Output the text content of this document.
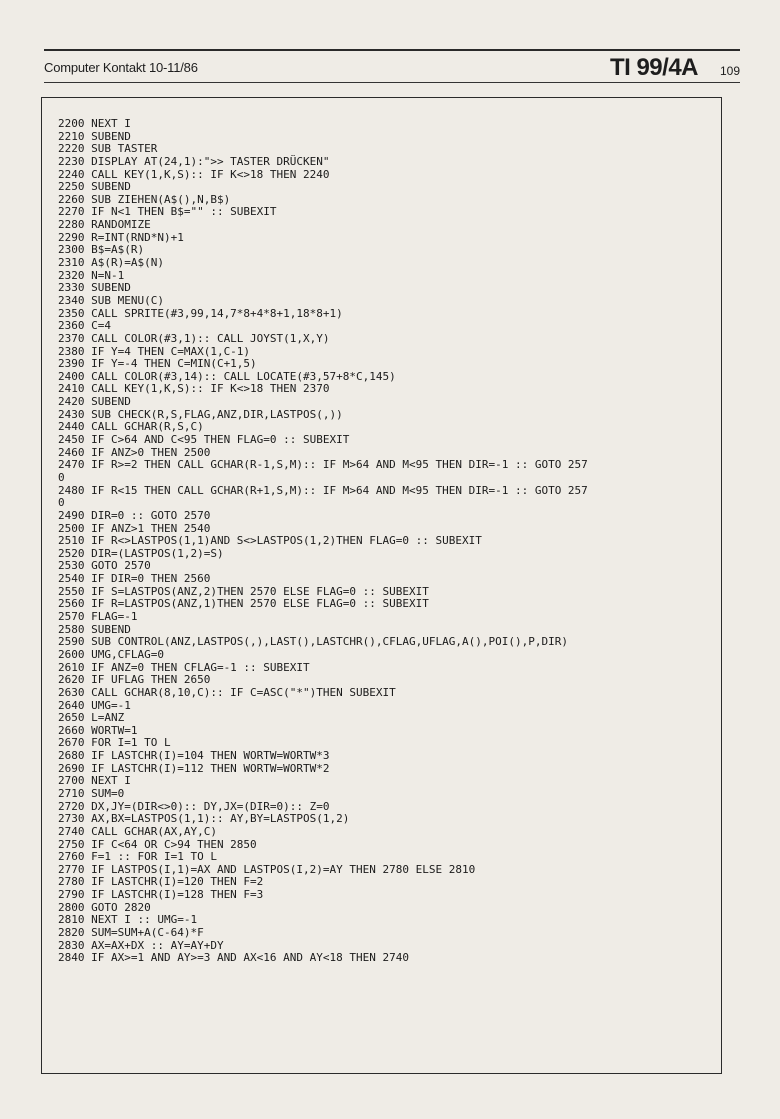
Computer Kontakt 10-11/86	TI 99/4A 109
2200 NEXT I
2210 SUBEND
2220 SUB TASTER
2230 DISPLAY AT(24,1):">> TASTER DRÜCKEN"
2240 CALL KEY(1,K,S):: IF K<>18 THEN 2240
2250 SUBEND
2260 SUB ZIEHEN(A$(),N,B$)
2270 IF N<1 THEN B$="" :: SUBEXIT
2280 RANDOMIZE
2290 R=INT(RND*N)+1
2300 B$=A$(R)
2310 A$(R)=A$(N)
2320 N=N-1
2330 SUBEND
2340 SUB MENU(C)
2350 CALL SPRITE(#3,99,14,7*8+4*8+1,18*8+1)
2360 C=4
2370 CALL COLOR(#3,1):: CALL JOYST(1,X,Y)
2380 IF Y=4 THEN C=MAX(1,C-1)
2390 IF Y=-4 THEN C=MIN(C+1,5)
2400 CALL COLOR(#3,14):: CALL LOCATE(#3,57+8*C,145)
2410 CALL KEY(1,K,S):: IF K<>18 THEN 2370
2420 SUBEND
2430 SUB CHECK(R,S,FLAG,ANZ,DIR,LASTPOS(,))
2440 CALL GCHAR(R,S,C)
2450 IF C>64 AND C<95 THEN FLAG=0 :: SUBEXIT
2460 IF ANZ>0 THEN 2500
2470 IF R>=2 THEN CALL GCHAR(R-1,S,M):: IF M>64 AND M<95 THEN DIR=-1 :: GOTO 257
0
2480 IF R<15 THEN CALL GCHAR(R+1,S,M):: IF M>64 AND M<95 THEN DIR=-1 :: GOTO 257
0
2490 DIR=0 :: GOTO 2570
2500 IF ANZ>1 THEN 2540
2510 IF R<>LASTPOS(1,1)AND S<>LASTPOS(1,2)THEN FLAG=0 :: SUBEXIT
2520 DIR=(LASTPOS(1,2)=S)
2530 GOTO 2570
2540 IF DIR=0 THEN 2560
2550 IF S=LASTPOS(ANZ,2)THEN 2570 ELSE FLAG=0 :: SUBEXIT
2560 IF R=LASTPOS(ANZ,1)THEN 2570 ELSE FLAG=0 :: SUBEXIT
2570 FLAG=-1
2580 SUBEND
2590 SUB CONTROL(ANZ,LASTPOS(,),LAST(),LASTCHR(),CFLAG,UFLAG,A(),POI(),P,DIR)
2600 UMG,CFLAG=0
2610 IF ANZ=0 THEN CFLAG=-1 :: SUBEXIT
2620 IF UFLAG THEN 2650
2630 CALL GCHAR(8,10,C):: IF C=ASC("*")THEN SUBEXIT
2640 UMG=-1
2650 L=ANZ
2660 WORTW=1
2670 FOR I=1 TO L
2680 IF LASTCHR(I)=104 THEN WORTW=WORTW*3
2690 IF LASTCHR(I)=112 THEN WORTW=WORTW*2
2700 NEXT I
2710 SUM=0
2720 DX,JY=(DIR<>0):: DY,JX=(DIR=0):: Z=0
2730 AX,BX=LASTPOS(1,1):: AY,BY=LASTPOS(1,2)
2740 CALL GCHAR(AX,AY,C)
2750 IF C<64 OR C>94 THEN 2850
2760 F=1 :: FOR I=1 TO L
2770 IF LASTPOS(I,1)=AX AND LASTPOS(I,2)=AY THEN 2780 ELSE 2810
2780 IF LASTCHR(I)=120 THEN F=2
2790 IF LASTCHR(I)=128 THEN F=3
2800 GOTO 2820
2810 NEXT I :: UMG=-1
2820 SUM=SUM+A(C-64)*F
2830 AX=AX+DX :: AY=AY+DY
2840 IF AX>=1 AND AY>=3 AND AX<16 AND AY<18 THEN 2740
